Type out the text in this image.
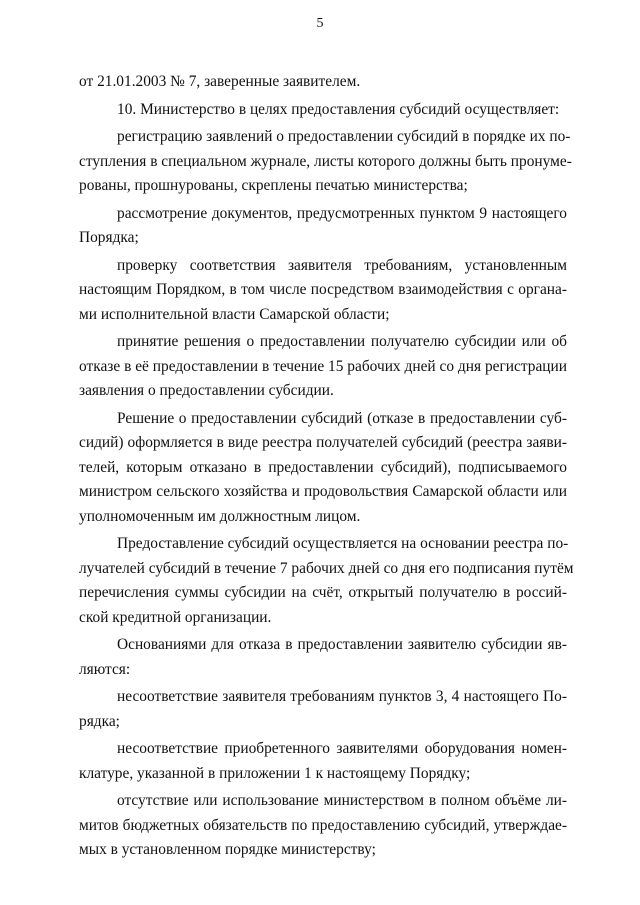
5
от 21.01.2003 № 7, заверенные заявителем.
10. Министерство в целях предоставления субсидий осуществляет:
регистрацию заявлений о предоставлении субсидий в порядке их по-
ступления в специальном журнале, листы которого должны быть пронуме-
рованы, прошнурованы, скреплены печатью министерства;
рассмотрение документов, предусмотренных пунктом 9 настоящего
Порядка;
проверку соответствия заявителя требованиям, установленным
настоящим Порядком, в том числе посредством взаимодействия с органа-
ми исполнительной власти Самарской области;
принятие решения о предоставлении получателю субсидии или об
отказе в её предоставлении в течение 15 рабочих дней со дня регистрации
заявления о предоставлении субсидии.
Решение о предоставлении субсидий (отказе в предоставлении суб-
сидий) оформляется в виде реестра получателей субсидий (реестра заяви-
телей, которым отказано в предоставлении субсидий), подписываемого
министром сельского хозяйства и продовольствия Самарской области или
уполномоченным им должностным лицом.
Предоставление субсидий осуществляется на основании реестра по-
лучателей субсидий в течение 7 рабочих дней со дня его подписания путём
перечисления суммы субсидии на счёт, открытый получателю в россий-
ской кредитной организации.
Основаниями для отказа в предоставлении заявителю субсидии яв-
ляются:
несоответствие заявителя требованиям пунктов 3, 4 настоящего По-
рядка;
несоответствие приобретенного заявителями оборудования номен-
клатуре, указанной в приложении 1 к настоящему Порядку;
отсутствие или использование министерством в полном объёме ли-
митов бюджетных обязательств по предоставлению субсидий, утверждае-
мых в установленном порядке министерству;
